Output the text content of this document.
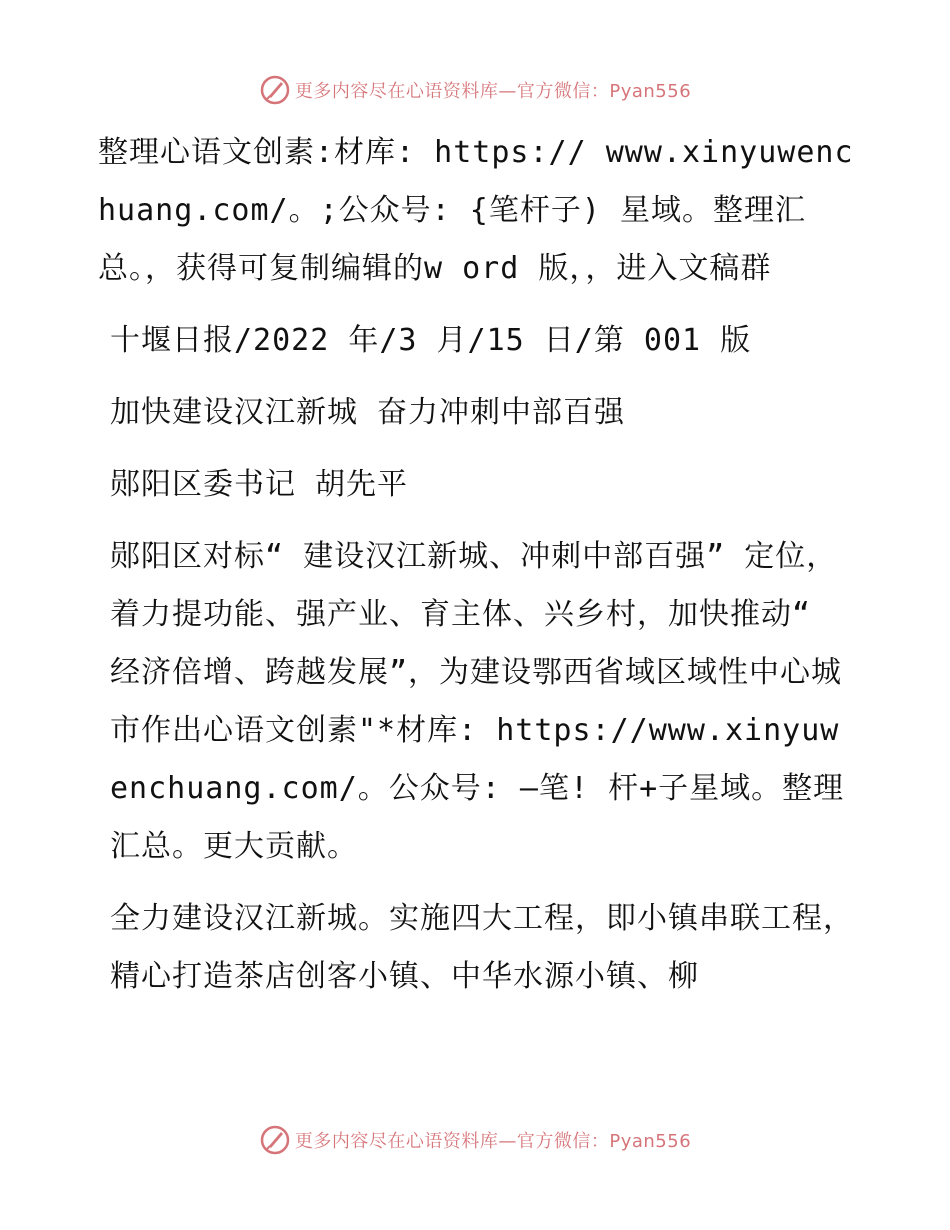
更多内容尽在心语资料库—官方微信：Pyan556

整理心语文创素:材库: https:// www.xinyuwenchuang.com/。;公众号: {笔杆子) 星域。整理汇总。，获得可复制编辑的w ord 版，，进入文稿群

十堰日报/2022 年/3 月/15 日/第 001 版

加快建设汉江新城 奋力冲刺中部百强

郧阳区委书记 胡先平

郧阳区对标“ 建设汉江新城、冲刺中部百强” 定位，着力提功能、强产业、育主体、兴乡村，加快推动“ 经济倍增、跨越发展”，为建设鄂西省域区域性中心城市作出心语文创素"*材库: https://www.xinyuwenchuang.com/。公众号: —笔! 杆+子星域。整理汇总。更大贡献。

全力建设汉江新城。实施四大工程，即小镇串联工程，精心打造茶店创客小镇、中华水源小镇、柳

更多内容尽在心语资料库—官方微信：Pyan556
